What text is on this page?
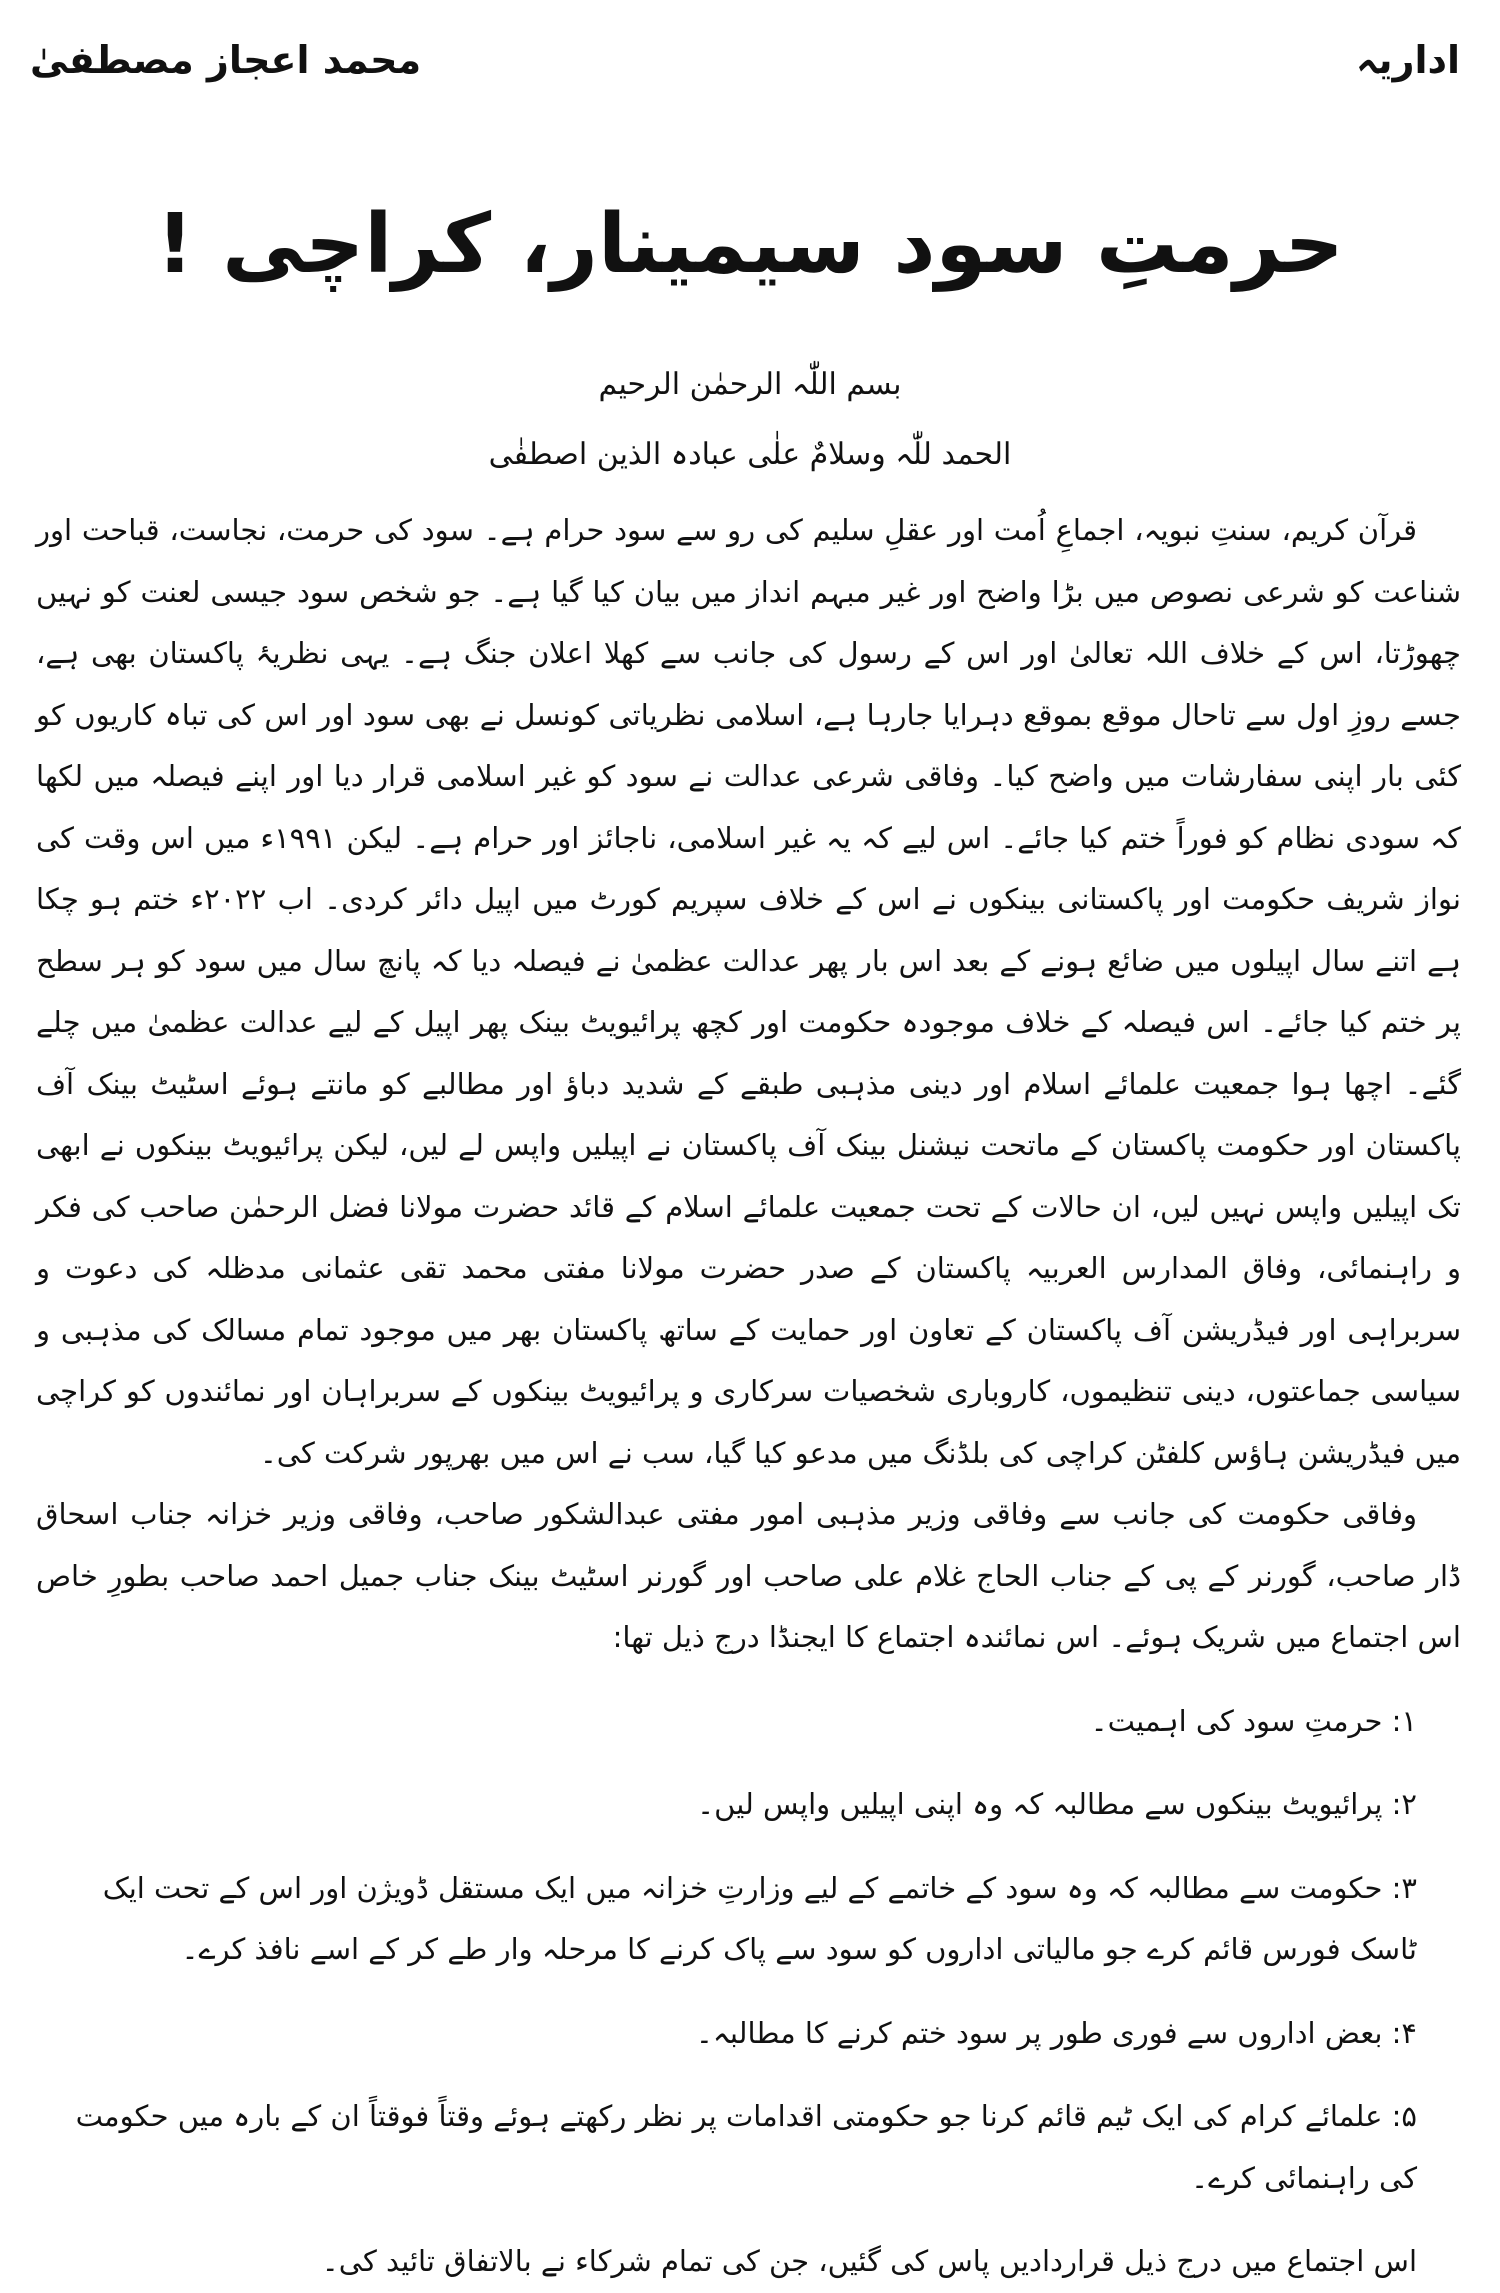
اداریہ
محمد اعجاز مصطفیٰ
حرمتِ سود سیمینار، کراچی !
بسم اللّٰہ الرحمٰن الرحیم
الحمد للّٰہ وسلامٌ علٰی عبادہ الذین اصطفٰی

قرآن کریم، سنتِ نبویہ، اجماعِ اُمت اور عقلِ سلیم کی رو سے سود حرام ہے۔ سود کی حرمت، نجاست، قباحت اور شناعت کو شرعی نصوص میں بڑا واضح اور غیر مبہم انداز میں بیان کیا گیا ہے۔ جو شخص سود جیسی لعنت کو نہیں چھوڑتا، اس کے خلاف اللہ تعالیٰ اور اس کے رسول کی جانب سے کھلا اعلان جنگ ہے۔ یہی نظریۂ پاکستان بھی ہے، جسے روزِ اول سے تاحال موقع بموقع دہرایا جارہا ہے، اسلامی نظریاتی کونسل نے بھی سود اور اس کی تباہ کاریوں کو کئی بار اپنی سفارشات میں واضح کیا۔ وفاقی شرعی عدالت نے سود کو غیر اسلامی قرار دیا اور اپنے فیصلہ میں لکھا کہ سودی نظام کو فوراً ختم کیا جائے۔ اس لیے کہ یہ غیر اسلامی، ناجائز اور حرام ہے۔ لیکن ۱۹۹۱ء میں اس وقت کی نواز شریف حکومت اور پاکستانی بینکوں نے اس کے خلاف سپریم کورٹ میں اپیل دائر کردی۔ اب ۲۰۲۲ء ختم ہو چکا ہے اتنے سال اپیلوں میں ضائع ہونے کے بعد اس بار پھر عدالت عظمیٰ نے فیصلہ دیا کہ پانچ سال میں سود کو ہر سطح پر ختم کیا جائے۔ اس فیصلہ کے خلاف موجودہ حکومت اور کچھ پرائیویٹ بینک پھر اپیل کے لیے عدالت عظمیٰ میں چلے گئے۔ اچھا ہوا جمعیت علمائے اسلام اور دینی مذہبی طبقے کے شدید دباؤ اور مطالبے کو مانتے ہوئے اسٹیٹ بینک آف پاکستان اور حکومت پاکستان کے ماتحت نیشنل بینک آف پاکستان نے اپیلیں واپس لے لیں، لیکن پرائیویٹ بینکوں نے ابھی تک اپیلیں واپس نہیں لیں، ان حالات کے تحت جمعیت علمائے اسلام کے قائد حضرت مولانا فضل الرحمٰن صاحب کی فکر و راہنمائی، وفاق المدارس العربیہ پاکستان کے صدر حضرت مولانا مفتی محمد تقی عثمانی مدظلہ کی دعوت و سربراہی اور فیڈریشن آف پاکستان کے تعاون اور حمایت کے ساتھ پاکستان بھر میں موجود تمام مسالک کی مذہبی و سیاسی جماعتوں، دینی تنظیموں، کاروباری شخصیات سرکاری و پرائیویٹ بینکوں کے سربراہان اور نمائندوں کو کراچی میں فیڈریشن ہاؤس کلفٹن کراچی کی بلڈنگ میں مدعو کیا گیا، سب نے اس میں بھرپور شرکت کی۔

وفاقی حکومت کی جانب سے وفاقی وزیر مذہبی امور مفتی عبدالشکور صاحب، وفاقی وزیر خزانہ جناب اسحاق ڈار صاحب، گورنر کے پی کے جناب الحاج غلام علی صاحب اور گورنر اسٹیٹ بینک جناب جمیل احمد صاحب بطورِ خاص اس اجتماع میں شریک ہوئے۔ اس نمائندہ اجتماع کا ایجنڈا درج ذیل تھا:

۱: حرمتِ سود کی اہمیت۔

۲: پرائیویٹ بینکوں سے مطالبہ کہ وہ اپنی اپیلیں واپس لیں۔

۳: حکومت سے مطالبہ کہ وہ سود کے خاتمے کے لیے وزارتِ خزانہ میں ایک مستقل ڈویژن اور اس کے تحت ایک ٹاسک فورس قائم کرے جو مالیاتی اداروں کو سود سے پاک کرنے کا مرحلہ وار طے کر کے اسے نافذ کرے۔

۴: بعض اداروں سے فوری طور پر سود ختم کرنے کا مطالبہ۔

۵: علمائے کرام کی ایک ٹیم قائم کرنا جو حکومتی اقدامات پر نظر رکھتے ہوئے وقتاً فوقتاً ان کے بارہ میں حکومت کی راہنمائی کرے۔

اس اجتماع میں درج ذیل قراردادیں پاس کی گئیں، جن کی تمام شرکاء نے بالاتفاق تائید کی۔
